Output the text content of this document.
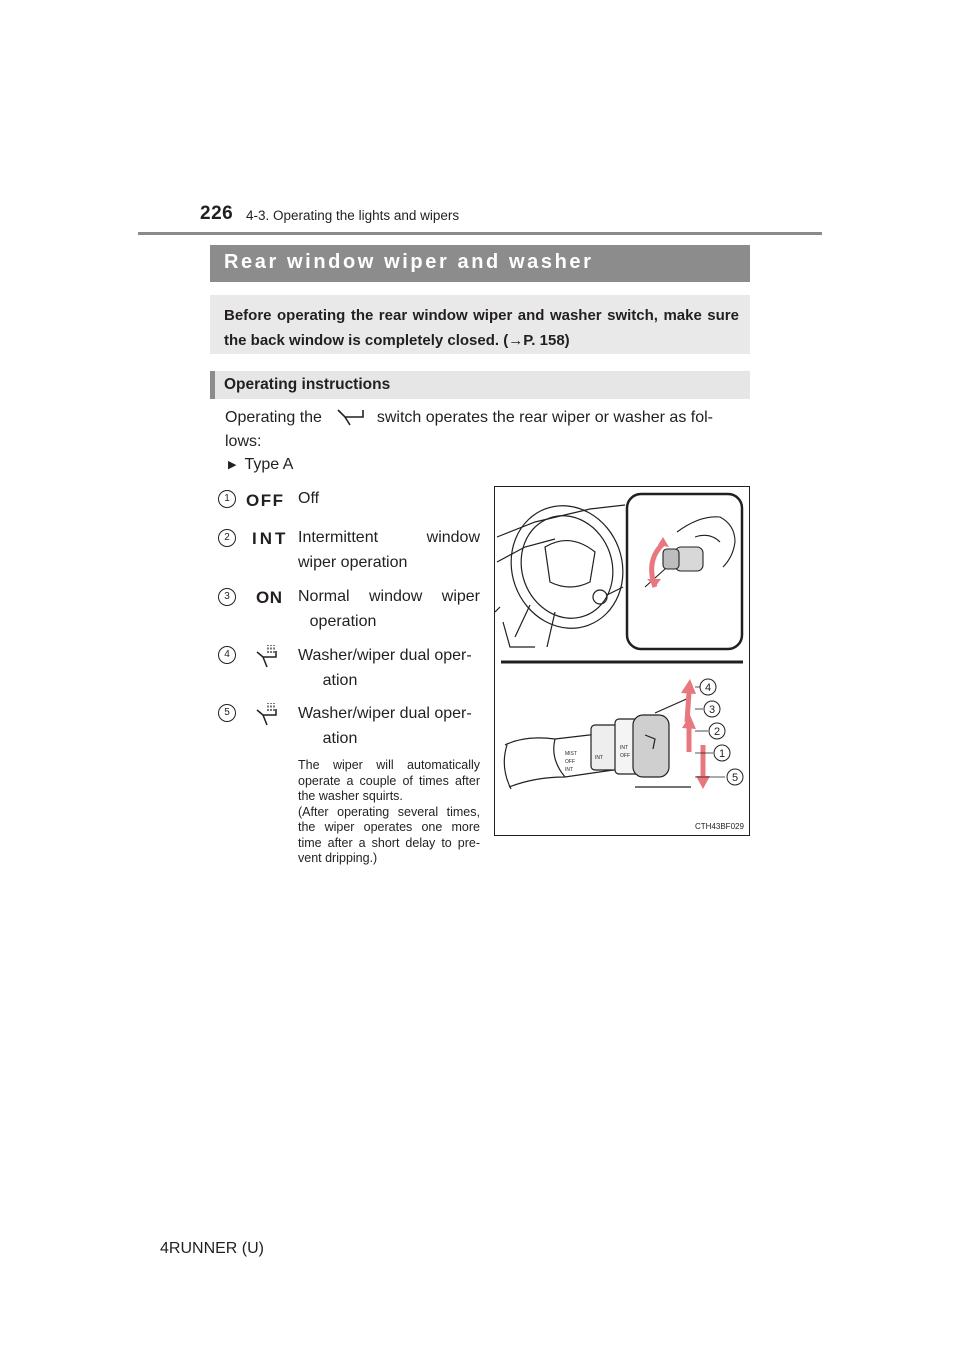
226 4-3. Operating the lights and wipers
Rear window wiper and washer
Before operating the rear window wiper and washer switch, make sure the back window is completely closed. (→P. 158)
Operating instructions
Operating the	switch operates the rear wiper or washer as fol-
lows:
▶ Type A
1 OFF Off
2	INT Intermittent window
wiper operation
3	ON Normal window wiper
operation
4	Washer/wiper dual oper-
ation
5	Washer/wiper dual oper-
ation

The wiper will automatically operate a couple of times after the washer squirts.

(After operating several times, the wiper operates one more time after a short delay to pre-vent dripping.)

MIST
OFF
INT
INT
INT
OFF
4
3
2
1
5
CTH43BF029
4RUNNER (U)
